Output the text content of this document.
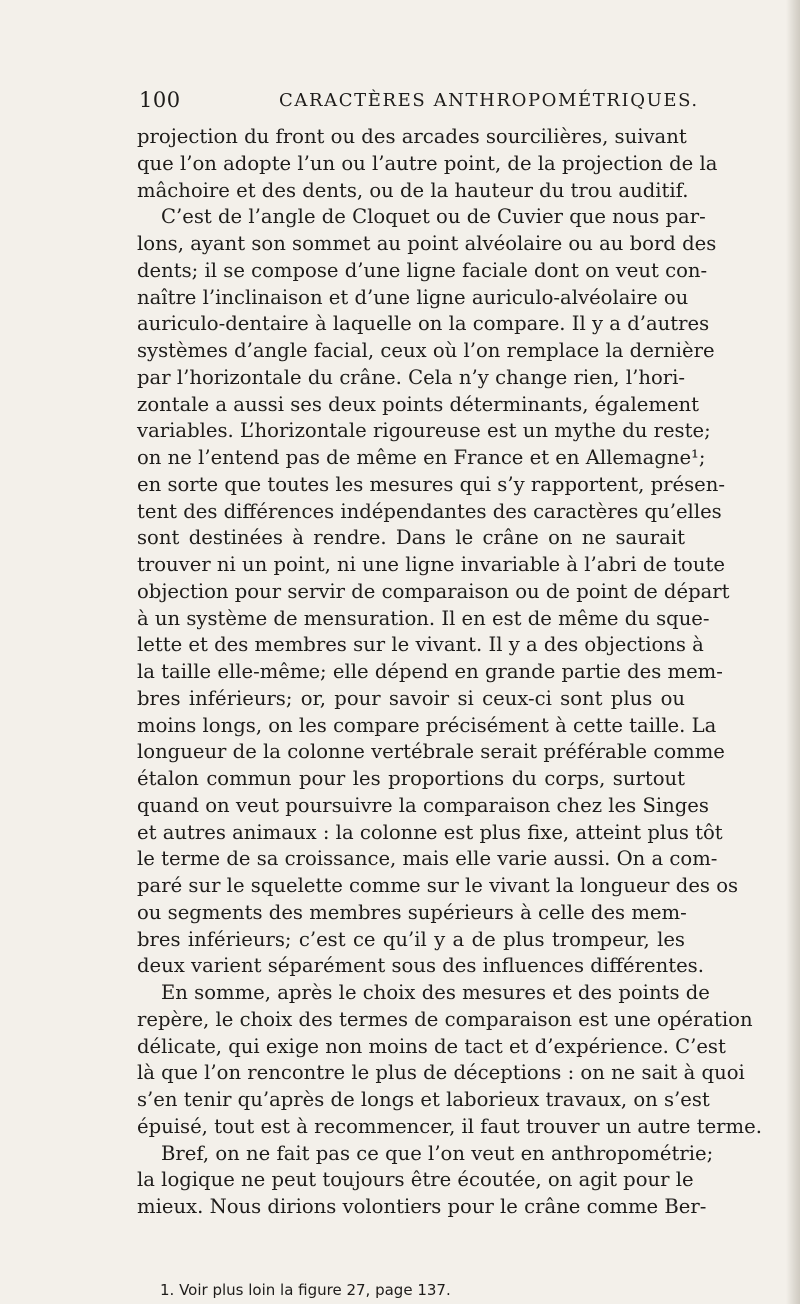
100	CARACTÈRES ANTHROPOMÉTRIQUES.
projection du front ou des arcades sourcilières, suivant
que l’on adopte l’un ou l’autre point, de la projection de la
mâchoire et des dents, ou de la hauteur du trou auditif.
C’est de l’angle de Cloquet ou de Cuvier que nous par-
lons, ayant son sommet au point alvéolaire ou au bord des
dents; il se compose d’une ligne faciale dont on veut con-
naître l’inclinaison et d’une ligne auriculo-alvéolaire ou
auriculo-dentaire à laquelle on la compare. Il y a d’autres
systèmes d’angle facial, ceux où l’on remplace la dernière
par l’horizontale du crâne. Cela n’y change rien, l’hori-
zontale a aussi ses deux points déterminants, également
variables. L’horizontale rigoureuse est un mythe du reste;
on ne l’entend pas de même en France et en Allemagne¹;
en sorte que toutes les mesures qui s’y rapportent, présen-
tent des différences indépendantes des caractères qu’elles
sont destinées à rendre. Dans le crâne on ne saurait
trouver ni un point, ni une ligne invariable à l’abri de toute
objection pour servir de comparaison ou de point de départ
à un système de mensuration. Il en est de même du sque-
lette et des membres sur le vivant. Il y a des objections à
la taille elle-même; elle dépend en grande partie des mem-
bres inférieurs; or, pour savoir si ceux-ci sont plus ou
moins longs, on les compare précisément à cette taille. La
longueur de la colonne vertébrale serait préférable comme
étalon commun pour les proportions du corps, surtout
quand on veut poursuivre la comparaison chez les Singes
et autres animaux : la colonne est plus fixe, atteint plus tôt
le terme de sa croissance, mais elle varie aussi. On a com-
paré sur le squelette comme sur le vivant la longueur des os
ou segments des membres supérieurs à celle des mem-
bres inférieurs; c’est ce qu’il y a de plus trompeur, les
deux varient séparément sous des influences différentes.
En somme, après le choix des mesures et des points de
repère, le choix des termes de comparaison est une opération
délicate, qui exige non moins de tact et d’expérience. C’est
là que l’on rencontre le plus de déceptions : on ne sait à quoi
s’en tenir qu’après de longs et laborieux travaux, on s’est
épuisé, tout est à recommencer, il faut trouver un autre terme.
Bref, on ne fait pas ce que l’on veut en anthropométrie;
la logique ne peut toujours être écoutée, on agit pour le
mieux. Nous dirions volontiers pour le crâne comme Ber-
1. Voir plus loin la figure 27, page 137.
